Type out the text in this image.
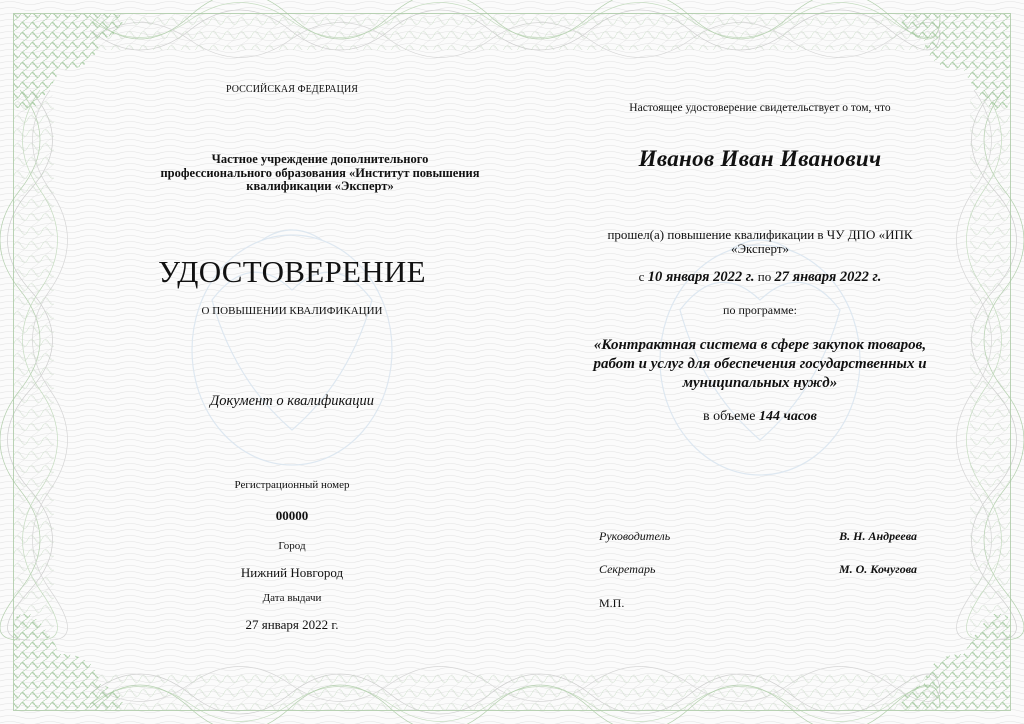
РОССИЙСКАЯ ФЕДЕРАЦИЯ
Частное учреждение дополнительного
профессионального образования «Институт повышения
квалификации «Эксперт»
УДОСТОВЕРЕНИЕ
О ПОВЫШЕНИИ КВАЛИФИКАЦИИ
Документ о квалификации
Регистрационный номер
00000
Город
Нижний Новгород
Дата выдачи
27 января 2022 г.
Настоящее удостоверение свидетельствует о том, что
Иванов Иван Иванович
прошел(а) повышение квалификации в ЧУ ДПО «ИПК
«Эксперт»
с 10 января 2022 г. по 27 января 2022 г.
по программе:
«Контрактная система в сфере закупок товаров,
работ и услуг для обеспечения государственных и
муниципальных нужд»
в объеме 144 часов
Руководитель	В. Н. Андреева
Секретарь	М. О. Кочугова
М.П.
